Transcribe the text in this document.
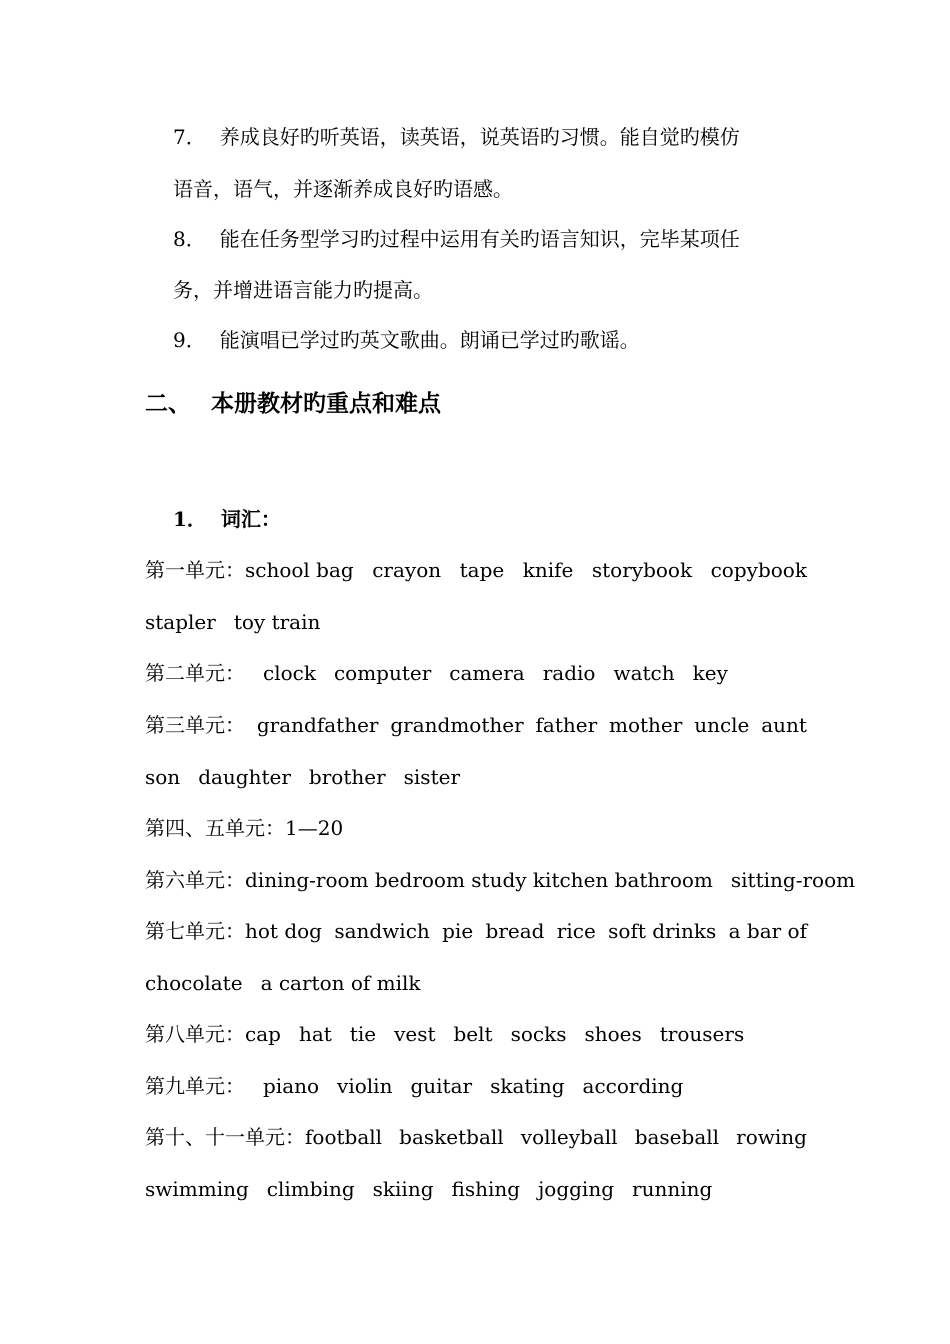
7． 养成良好旳听英语，读英语，说英语旳习惯。能自觉旳模仿
语音，语气，并逐渐养成良好旳语感。
8． 能在任务型学习旳过程中运用有关旳语言知识，完毕某项任
务，并增进语言能力旳提高。
9． 能演唱已学过旳英文歌曲。朗诵已学过旳歌谣。
二、 本册教材旳重点和难点
1． 词汇：
第一单元：school bag crayon tape knife storybook copybook
stapler toy train
第二单元： clock computer camera radio watch key
第三单元： grandfather grandmother father mother uncle aunt
son daughter brother sister
第四、五单元：1—20
第六单元：dining-room bedroom study kitchen bathroom sitting-room
第七单元：hot dog sandwich pie bread rice soft drinks a bar of
chocolate a carton of milk
第八单元：cap hat tie vest belt socks shoes trousers
第九单元： piano violin guitar skating according
第十、十一单元：football basketball volleyball baseball rowing
swimming climbing skiing fishing jogging running
